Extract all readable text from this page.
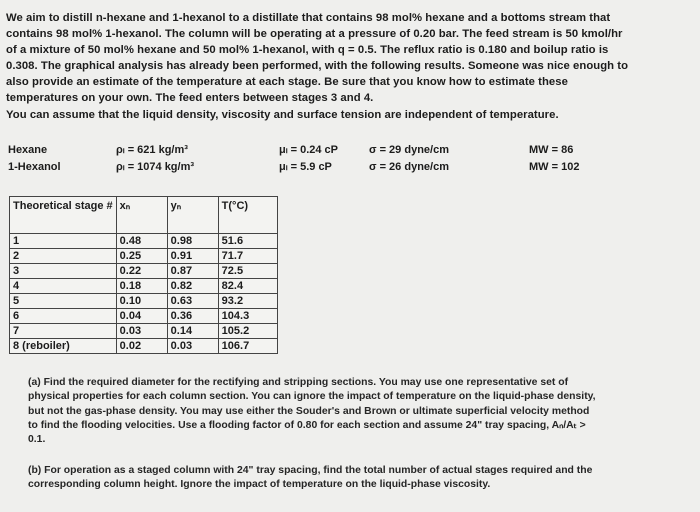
We aim to distill n-hexane and 1-hexanol to a distillate that contains 98 mol% hexane and a bottoms stream that

contains 98 mol% 1-hexanol. The column will be operating at a pressure of 0.20 bar. The feed stream is 50 kmol/hr

of a mixture of 50 mol% hexane and 50 mol% 1-hexanol, with q = 0.5. The reflux ratio is 0.180 and boilup ratio is

0.308. The graphical analysis has already been performed, with the following results. Someone was nice enough to

also provide an estimate of the temperature at each stage. Be sure that you know how to estimate these

temperatures on your own. The feed enters between stages 3 and 4.

You can assume that the liquid density, viscosity and surface tension are independent of temperature.

Hexane	ρₗ = 621 kg/m³	μₗ = 0.24 cP	σ = 29 dyne/cm	MW = 86
1-Hexanol	ρₗ = 1074 kg/m³	μₗ = 5.9 cP	σ = 26 dyne/cm	MW = 102
Theoretical stage #	xₙ	yₙ	T(°C)
1	0.48	0.98	51.6
2	0.25	0.91	71.7
3	0.22	0.87	72.5
4	0.18	0.82	82.4
5	0.10	0.63	93.2
6	0.04	0.36	104.3
7	0.03	0.14	105.2
8 (reboiler)	0.02	0.03	106.7

(a) Find the required diameter for the rectifying and stripping sections. You may use one representative set of

physical properties for each column section. You can ignore the impact of temperature on the liquid-phase density,

but not the gas-phase density. You may use either the Souder's and Brown or ultimate superficial velocity method

to find the flooding velocities. Use a flooding factor of 0.80 for each section and assume 24" tray spacing, Aₙ/Aₜ >

0.1.

(b) For operation as a staged column with 24" tray spacing, find the total number of actual stages required and the

corresponding column height. Ignore the impact of temperature on the liquid-phase viscosity.
